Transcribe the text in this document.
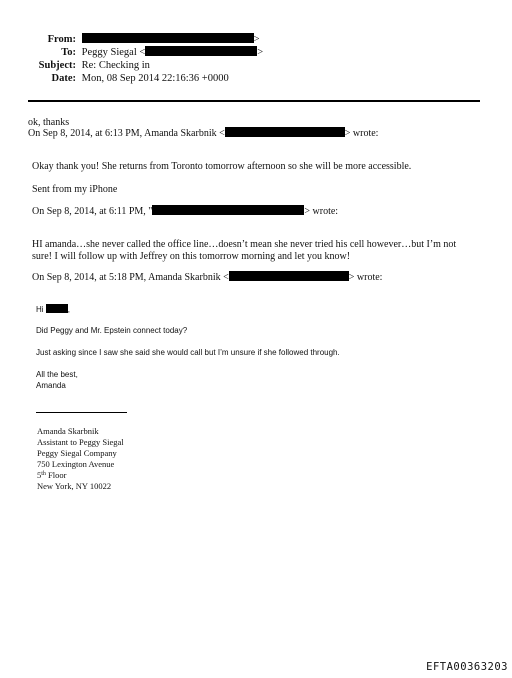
From:	>
To: Peggy Siegal <	>
Subject: Re: Checking in
Date: Mon, 08 Sep 2014 22:16:36 +0000
ok, thanks
On Sep 8, 2014, at 6:13 PM, Amanda Skarbnik <	> wrote:
Okay thank you! She returns from Toronto tomorrow afternoon so she will be more accessible.
Sent from my iPhone
On Sep 8, 2014, at 6:11 PM, "	> wrote:
HI amanda…she never called the office line…doesn’t mean she never tried his cell however…but I’m not
sure! I will follow up with Jeffrey on this tomorrow morning and let you know!
On Sep 8, 2014, at 5:18 PM, Amanda Skarbnik <	> wrote:
Hi	,
Did Peggy and Mr. Epstein connect today?
Just asking since I saw she said she would call but I’m unsure if she followed through.
All the best,
Amanda
Amanda Skarbnik
Assistant to Peggy Siegal
Peggy Siegal Company
750 Lexington Avenue
5th Floor
New York, NY 10022
EFTA00363203
